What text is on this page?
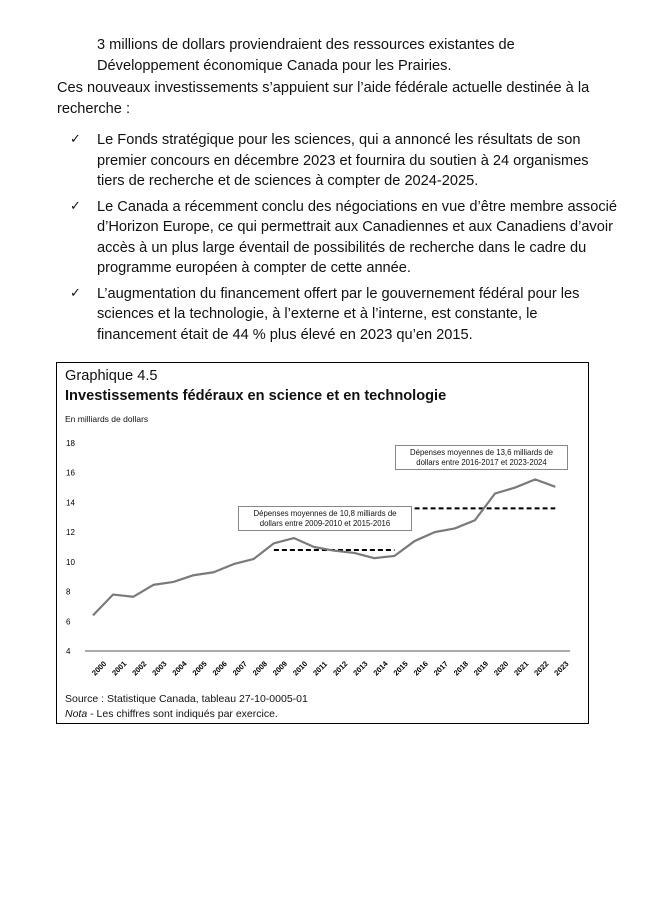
3 millions de dollars proviendraient des ressources existantes de Développement économique Canada pour les Prairies.
Ces nouveaux investissements s’appuient sur l’aide fédérale actuelle destinée à la recherche :
✓ Le Fonds stratégique pour les sciences, qui a annoncé les résultats de son premier concours en décembre 2023 et fournira du soutien à 24 organismes tiers de recherche et de sciences à compter de 2024-2025.
✓ Le Canada a récemment conclu des négociations en vue d’être membre associé d’Horizon Europe, ce qui permettrait aux Canadiennes et aux Canadiens d’avoir accès à un plus large éventail de possibilités de recherche dans le cadre du programme européen à compter de cette année.
✓ L’augmentation du financement offert par le gouvernement fédéral pour les sciences et la technologie, à l’externe et à l’interne, est constante, le financement était de 44 % plus élevé en 2023 qu’en 2015.
Graphique 4.5
Investissements fédéraux en science et en technologie
En milliards de dollars
4
6
8
10
12
14
16
18
2000 2001 2002 2003 2004 2005 2006 2007 2008 2009 2010 2011 2012 2013 2014 2015 2016 2017 2018 2019 2020 2021 2022 2023
Dépenses moyennes de 10,8 milliards de dollars entre 2009-2010 et 2015-2016
Dépenses moyennes de 13,6 milliards de dollars entre 2016-2017 et 2023-2024
Source : Statistique Canada, tableau 27-10-0005-01
Nota - Les chiffres sont indiqués par exercice.
